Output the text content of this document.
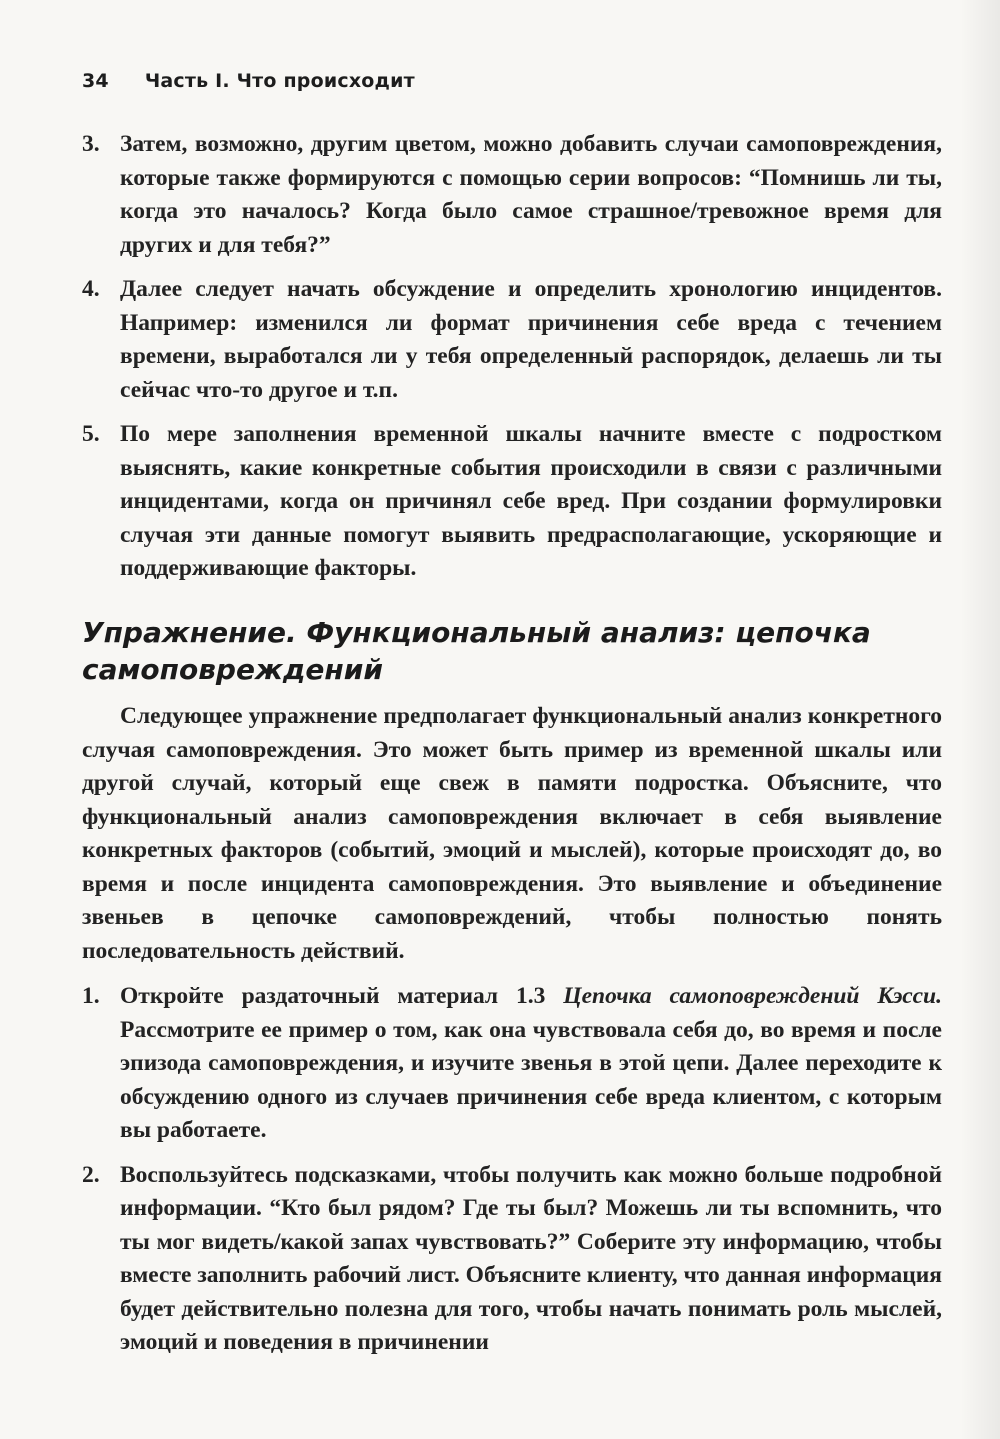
34 Часть I. Что происходит
3. Затем, возможно, другим цветом, можно добавить случаи самоповреждения, которые также формируются с помощью серии вопросов: “Помнишь ли ты, когда это началось? Когда было самое страшное/тревожное время для других и для тебя?”
4. Далее следует начать обсуждение и определить хронологию инцидентов. Например: изменился ли формат причинения себе вреда с течением времени, выработался ли у тебя определенный распорядок, делаешь ли ты сейчас что-то другое и т.п.
5. По мере заполнения временной шкалы начните вместе с подростком выяснять, какие конкретные события происходили в связи с различными инцидентами, когда он причинял себе вред. При создании формулировки случая эти данные помогут выявить предрасполагающие, ускоряющие и поддерживающие факторы.
Упражнение. Функциональный анализ: цепочка самоповреждений
Следующее упражнение предполагает функциональный анализ конкретного случая самоповреждения. Это может быть пример из временной шкалы или другой случай, который еще свеж в памяти подростка. Объясните, что функциональный анализ самоповреждения включает в себя выявление конкретных факторов (событий, эмоций и мыслей), которые происходят до, во время и после инцидента самоповреждения. Это выявление и объединение звеньев в цепочке самоповреждений, чтобы полностью понять последовательность действий.
1. Откройте раздаточный материал 1.3 Цепочка самоповреждений Кэсси. Рассмотрите ее пример о том, как она чувствовала себя до, во время и после эпизода самоповреждения, и изучите звенья в этой цепи. Далее переходите к обсуждению одного из случаев причинения себе вреда клиентом, с которым вы работаете.
2. Воспользуйтесь подсказками, чтобы получить как можно больше подробной информации. “Кто был рядом? Где ты был? Можешь ли ты вспомнить, что ты мог видеть/какой запах чувствовать?” Соберите эту информацию, чтобы вместе заполнить рабочий лист. Объясните клиенту, что данная информация будет действительно полезна для того, чтобы начать понимать роль мыслей, эмоций и поведения в причинении
